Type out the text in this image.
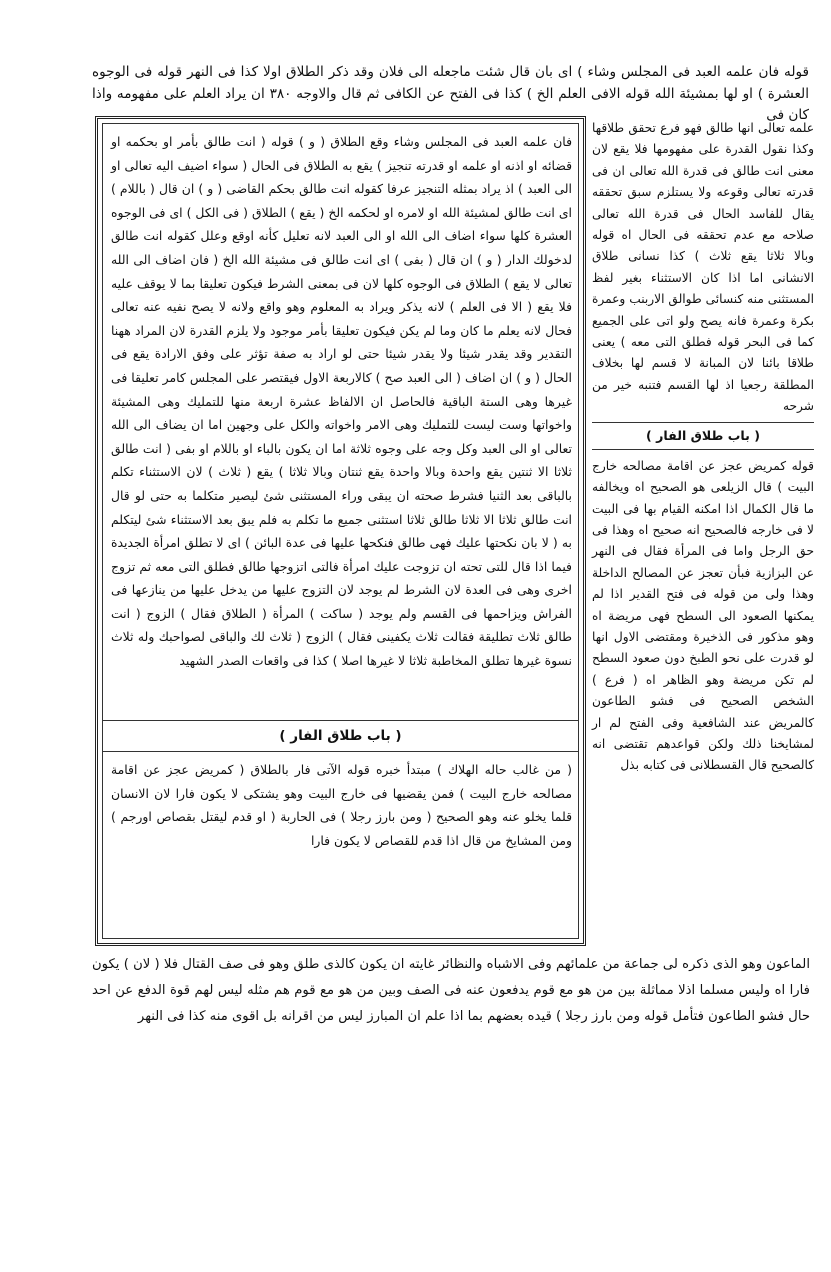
قوله فان علمه العبد فى المجلس وشاء ) اى بان قال شئت ماجعله الى فلان وقد ذكر الطلاق اولا كذا فى النهر قوله فى الوجوه العشرة ) او لها بمشيئة الله قوله الافى العلم الخ ) كذا فى الفتح عن الكافى ثم قال والاوجه ٣٨٠ ان يراد العلم على مفهومه واذا كان فى
فان علمه العبد فى المجلس وشاء وقع الطلاق ( و ) قوله ( انت طالق بأمر او بحكمه او قضائه او اذنه او علمه او قدرته تنجيز ) يقع به الطلاق فى الحال ( سواء اضيف اليه تعالى او الى العبد ) اذ يراد بمثله التنجيز عرفا كقوله انت طالق بحكم القاضى ( و ) ان قال ( باللام ) اى انت طالق لمشيئة الله او لامره او لحكمه الخ ( يقع ) الطلاق ( فى الكل ) اى فى الوجوه العشرة كلها سواء اضاف الى الله او الى العبد لانه تعليل كأنه اوقع وعلل كقوله انت طالق لدخولك الدار ( و ) ان قال ( بفى ) اى انت طالق فى مشيئة الله الخ ( فان اضاف الى الله تعالى لا يقع ) الطلاق فى الوجوه كلها لان فى بمعنى الشرط فيكون تعليقا بما لا يوقف عليه فلا يقع ( الا فى العلم ) لانه يذكر ويراد به المعلوم وهو واقع ولانه لا يصح نفيه عنه تعالى فحال لانه يعلم ما كان وما لم يكن فيكون تعليقا بأمر موجود ولا يلزم القدرة لان المراد ههنا التقدير وقد يقدر شيئا ولا يقدر شيئا حتى لو اراد به صفة تؤثر على وفق الارادة يقع فى الحال ( و ) ان اضاف ( الى العبد صح ) كالاربعة الاول فيقتصر على المجلس كامر تعليقا فى غيرها وهى الستة الباقية فالحاصل ان الالفاظ عشرة اربعة منها للتمليك وهى المشيئة واخواتها وست ليست للتمليك وهى الامر واخواته والكل على وجهين اما ان يضاف الى الله تعالى او الى العبد وكل وجه على وجوه ثلاثة اما ان يكون بالباء او باللام او بفى ( انت طالق ثلاثا الا ثنتين يقع واحدة وبالا واحدة يقع ثنتان وبالا ثلاثا ) يقع ( ثلاث ) لان الاستثناء تكلم بالباقى بعد الثنيا فشرط صحته ان يبقى وراء المستثنى شئ ليصير متكلما به حتى لو قال انت طالق ثلاثا الا ثلاثا طالق ثلاثا استثنى جميع ما تكلم به فلم يبق بعد الاستثناء شئ ليتكلم به ( لا بان نكحتها عليك فهى طالق فنكحها عليها فى عدة البائن ) اى لا تطلق امرأة الجديدة فيما اذا قال للتى تحته ان تزوجت عليك امرأة فالتى اتزوجها طالق فطلق التى معه ثم تزوج اخرى وهى فى العدة لان الشرط لم يوجد لان التزوج عليها من يدخل عليها من ينازعها فى الفراش ويزاحمها فى القسم ولم يوجد ( ساكت ) المرأة ( الطلاق فقال ) الزوج ( انت طالق ثلاث تطليقة فقالت ثلاث يكفينى فقال ) الزوج ( ثلاث لك والباقى لصواحبك وله ثلاث نسوة غيرها تطلق المخاطبة ثلاثا لا غيرها اصلا ) كذا فى واقعات الصدر الشهيد
( باب طلاق الفار )
( من غالب حاله الهلاك ) مبتدأ خبره قوله الآتى فار بالطلاق ( كمريض عجز عن اقامة مصالحه خارج البيت ) فمن يقضيها فى خارج البيت وهو يشتكى لا يكون فارا لان الانسان قلما يخلو عنه وهو الصحيح ( ومن بارز رجلا ) فى الحاربة ( او قدم ليقتل بقصاص اورجم ) ومن المشايخ من قال اذا قدم للقصاص لا يكون فارا
علمه تعالى انها طالق فهو فرع تحقق طلاقها وكذا نقول القدرة على مفهومها فلا يقع لان معنى انت طالق فى قدرة الله تعالى ان فى قدرته تعالى وقوعه ولا يستلزم سبق تحققه يقال للفاسد الحال فى قدرة الله تعالى صلاحه مع عدم تحققه فى الحال اه قوله وبالا ثلاثا يقع ثلاث ) كذا نسانى طلاق الانشانى اما اذا كان الاستثناء بغير لفظ المستثنى منه كنسائى طوالق الاربنب وعمرة بكرة وعمرة فانه يصح ولو اتى على الجميع كما فى البحر قوله فطلق التى معه ) يعنى طلاقا بائنا لان المبانة لا قسم لها بخلاف المطلقة رجعيا اذ لها القسم فتنبه خير من شرحه
( باب طلاق الفار )
قوله كمريض عجز عن اقامة مصالحه خارج البيت ) قال الزيلعى هو الصحيح اه ويخالفه ما قال الكمال اذا امكنه القيام بها فى البيت لا فى خارجه فالصحيح انه صحيح اه وهذا فى حق الرجل واما فى المرأة فقال فى النهر عن البزازية فبأن تعجز عن المصالح الداخلة وهذا ولى من قوله فى فتح القدير اذا لم يمكنها الصعود الى السطح فهى مريضة اه وهو مذكور فى الذخيرة ومقتضى الاول انها لو قدرت على نحو الطبخ دون صعود السطح لم تكن مريضة وهو الظاهر اه ( فرع ) الشخص الصحيح فى فشو الطاعون كالمريض عند الشافعية وفى الفتح لم ار لمشايخنا ذلك ولكن قواعدهم تقتضى انه كالصحيح قال القسطلانى فى كتابه بذل
الماعون وهو الذى ذكره لى جماعة من علمائهم وفى الاشباه والنظائر غايته ان يكون كالذى طلق وهو فى صف القتال فلا ( لان ) يكون فارا اه وليس مسلما اذلا مماثلة بين من هو مع قوم يدفعون عنه فى الصف وبين من هو مع قوم هم مثله ليس لهم قوة الدفع عن احد حال فشو الطاعون فتأمل قوله ومن بارز رجلا ) قيده بعضهم بما اذا علم ان المبارز ليس من اقرانه بل اقوى منه كذا فى النهر
